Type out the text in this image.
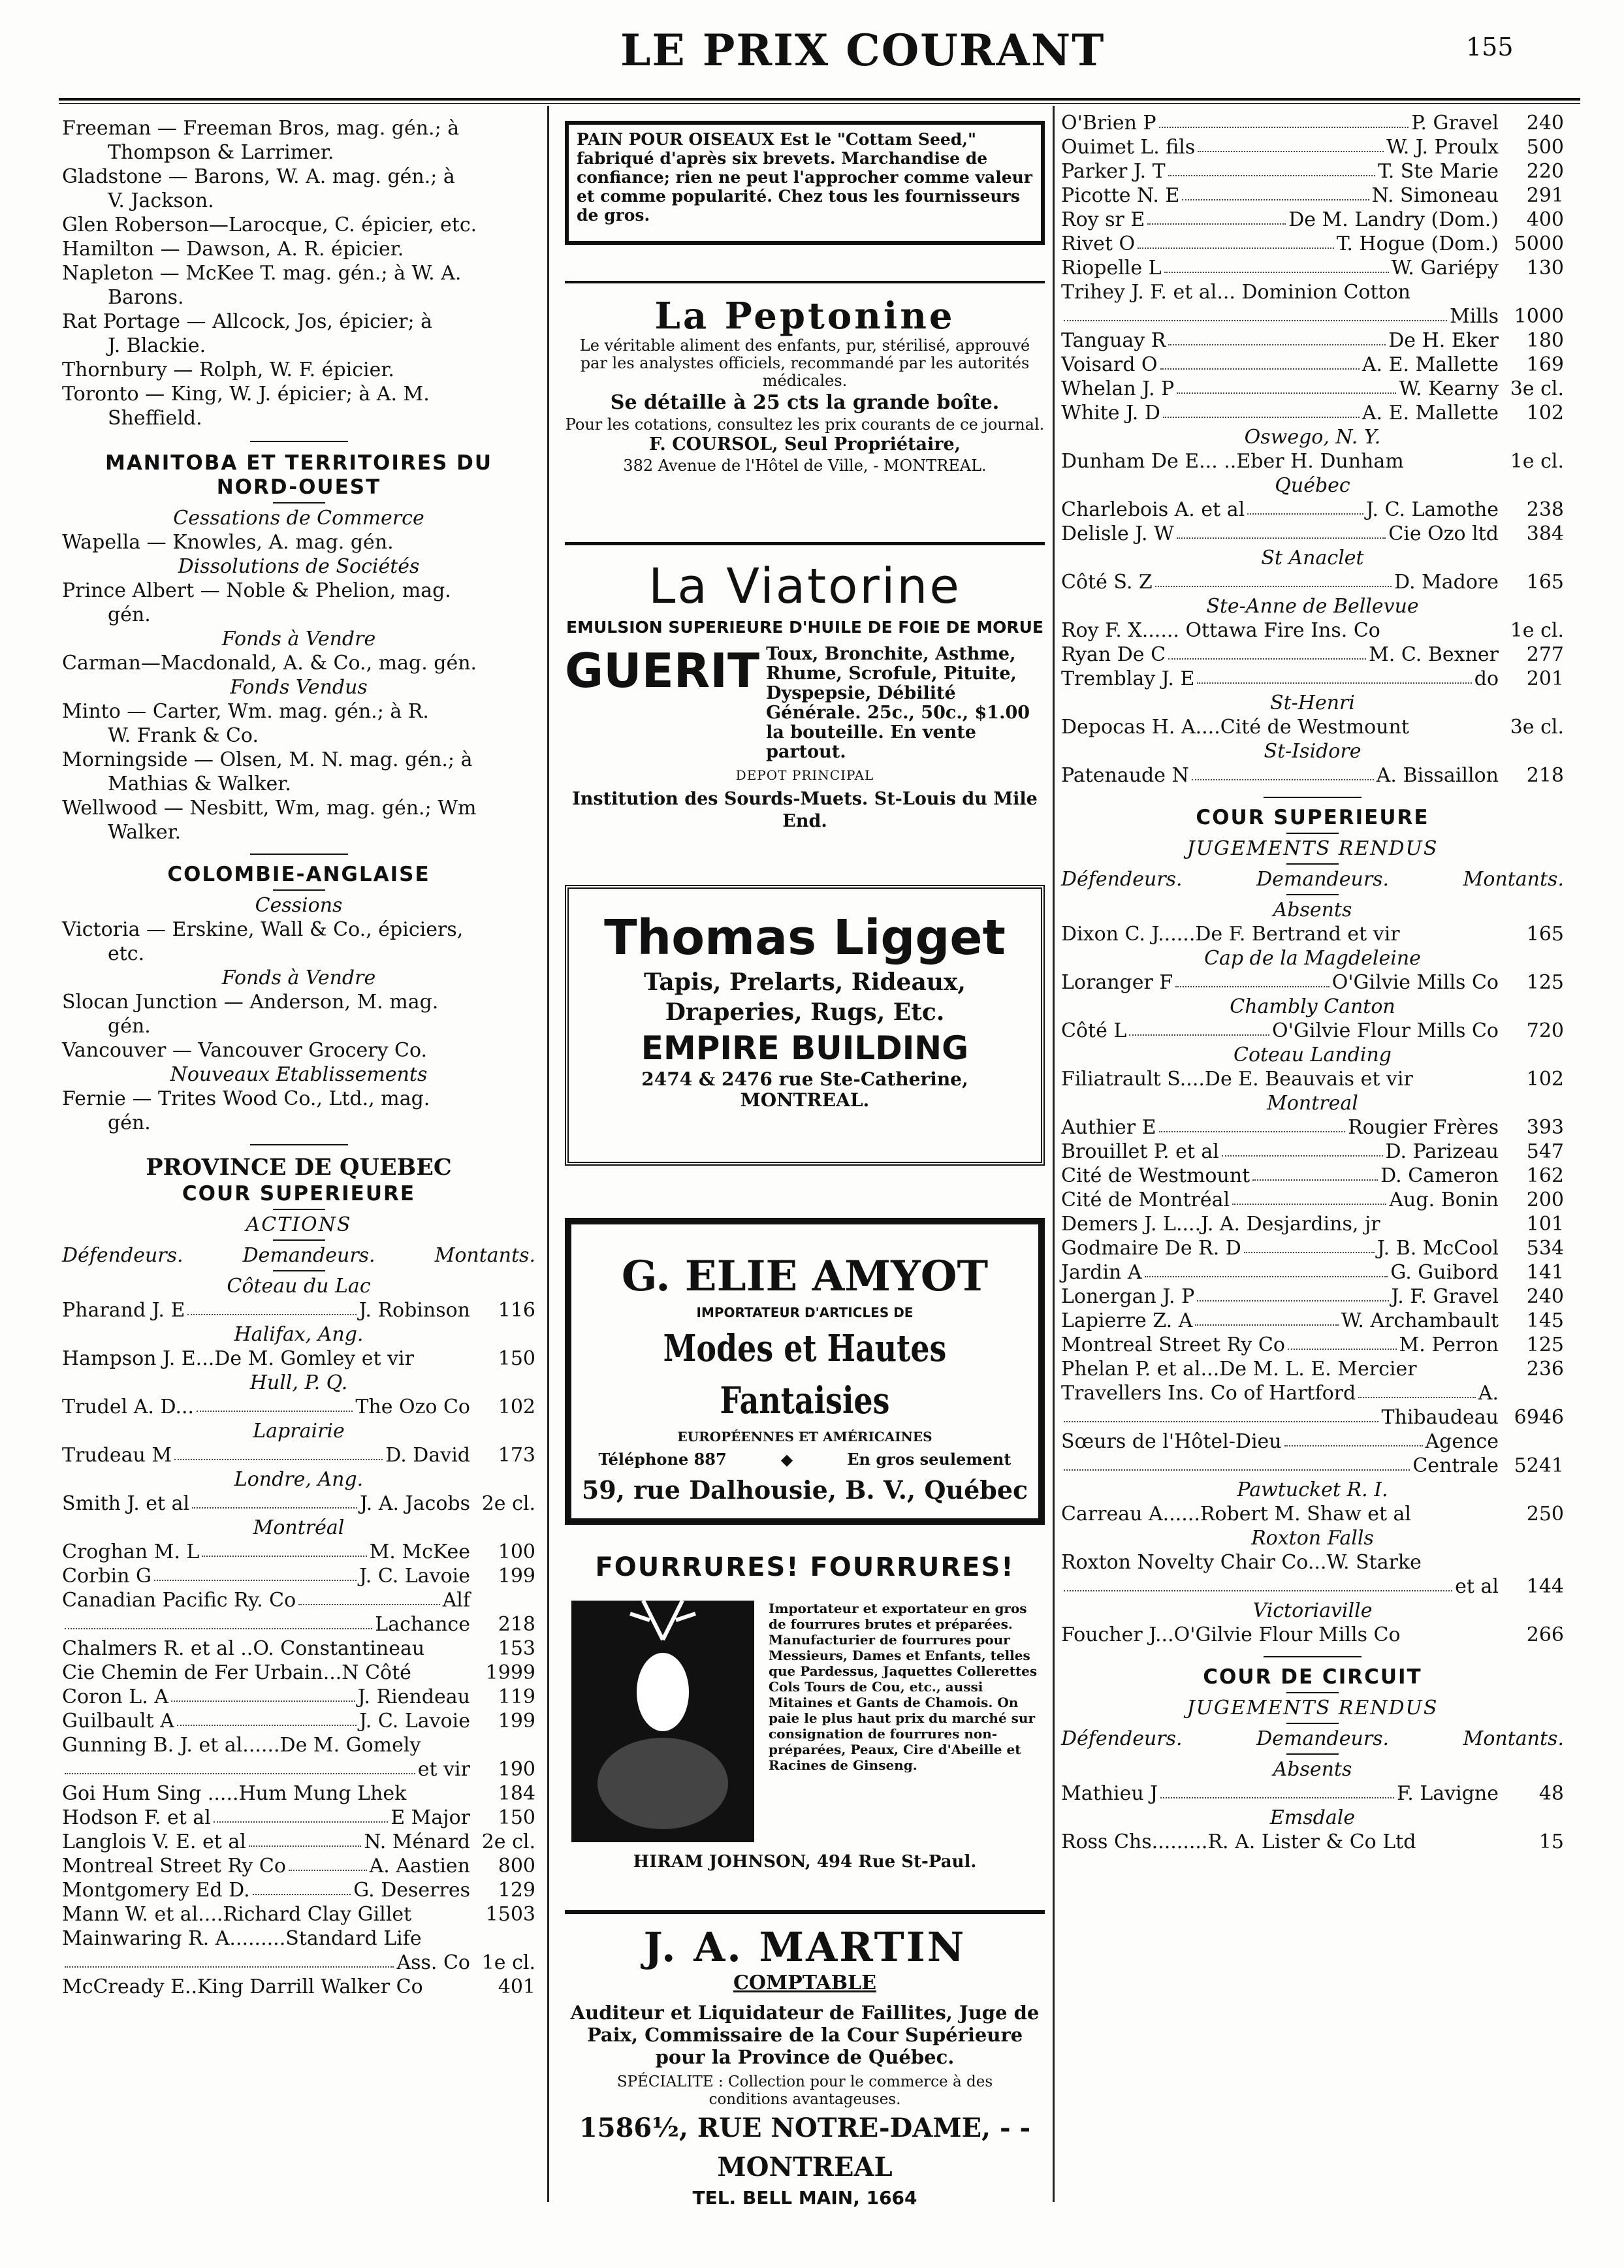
LE PRIX COURANT	155
Freeman — Freeman Bros, mag. gén.; à
Thompson & Larrimer.
Gladstone — Barons, W. A. mag. gén.; à
V. Jackson.
Glen Roberson—Larocque, C. épicier, etc.
Hamilton — Dawson, A. R. épicier.
Napleton — McKee T. mag. gén.; à W. A.
Barons.
Rat Portage — Allcock, Jos, épicier; à
J. Blackie.
Thornbury — Rolph, W. F. épicier.
Toronto — King, W. J. épicier; à A. M.
Sheffield.
MANITOBA ET TERRITOIRES DU
NORD-OUEST
Cessations de Commerce
Wapella — Knowles, A. mag. gén.
Dissolutions de Sociétés
Prince Albert — Noble & Phelion, mag.
gén.
Fonds à Vendre
Carman—Macdonald, A. & Co., mag. gén.
Fonds Vendus
Minto — Carter, Wm. mag. gén.; à R.
W. Frank & Co.
Morningside — Olsen, M. N. mag. gén.; à
Mathias & Walker.
Wellwood — Nesbitt, Wm, mag. gén.; Wm
Walker.
COLOMBIE-ANGLAISE
Cessions
Victoria — Erskine, Wall & Co., épiciers,
etc.
Fonds à Vendre
Slocan Junction — Anderson, M. mag.
gén.
Vancouver — Vancouver Grocery Co.
Nouveaux Etablissements
Fernie — Trites Wood Co., Ltd., mag.
gén.
PROVINCE DE QUEBEC
COUR SUPERIEURE
ACTIONS
Défendeurs.	Demandeurs.	Montants.
Côteau du Lac
Pharand J. E	J. Robinson	116
Halifax, Ang.
Hampson J. E...De M. Gomley et vir	150
Hull, P. Q.
Trudel A. D...	The Ozo Co	102
Laprairie
Trudeau M	D. David	173
Londre, Ang.
Smith J. et al	J. A. Jacobs 2e cl.
Montréal
Croghan M. L	M. McKee	100
Corbin G	J. C. Lavoie	199
Canadian Pacific Ry. Co	Alf
Lachance	218
Chalmers R. et al ..O. Constantineau	153
Cie Chemin de Fer Urbain...N Côté	1999
Coron L. A	J. Riendeau	119
Guilbault A	J. C. Lavoie	199
Gunning B. J. et al......De M. Gomely
et vir	190
Goi Hum Sing .....Hum Mung Lhek	184
Hodson F. et al	E Major	150
Langlois V. E. et al	N. Ménard 2e cl.
Montreal Street Ry Co	A. Aastien	800
Montgomery Ed D.	G. Deserres	129
Mann W. et al....Richard Clay Gillet	1503
Mainwaring R. A.........Standard Life
Ass. Co 1e cl.
McCready E..King Darrill Walker Co	401
PAIN POUR OISEAUX Est le "Cottam Seed," fabriqué d'après six brevets. Marchandise de confiance; rien ne peut l'approcher comme valeur et comme popularité. Chez tous les fournisseurs de gros.
La Peptonine
Le véritable aliment des enfants, pur, stérilisé, approuvé par les analystes officiels, recommandé par les autorités médicales.
Se détaille à 25 cts la grande boîte.
Pour les cotations, consultez les prix courants de ce journal.
F. COURSOL, Seul Propriétaire,
382 Avenue de l'Hôtel de Ville, - MONTREAL.
La Viatorine
EMULSION SUPERIEURE D'HUILE DE FOIE DE MORUE
GUERIT Toux, Bronchite, Asthme, Rhume, Scrofule, Pituite, Dyspepsie, Débilité Générale. 25c., 50c., $1.00 la bouteille. En vente partout.
DEPOT PRINCIPAL
Institution des Sourds-Muets. St-Louis du Mile End.
Thomas Ligget
Tapis, Prelarts, Rideaux,
Draperies, Rugs, Etc.
EMPIRE BUILDING
2474 & 2476 rue Ste-Catherine,
MONTREAL.
G. ELIE AMYOT
IMPORTATEUR D'ARTICLES DE
Modes et Hautes Fantaisies
EUROPÉENNES ET AMÉRICAINES
Téléphone 887	◆	En gros seulement
59, rue Dalhousie, B. V., Québec
FOURRURES! FOURRURES!
Importateur et exportateur en gros de fourrures brutes et préparées. Manufacturier de fourrures pour Messieurs, Dames et Enfants, telles que Pardessus, Jaquettes Collerettes Cols Tours de Cou, etc., aussi Mitaines et Gants de Chamois. On paie le plus haut prix du marché sur consignation de fourrures non-préparées, Peaux, Cire d'Abeille et Racines de Ginseng.
HIRAM JOHNSON, 494 Rue St-Paul.
J. A. MARTIN
COMPTABLE
Auditeur et Liquidateur de Faillites, Juge de Paix, Commissaire de la Cour Supérieure pour la Province de Québec.
SPÉCIALITE : Collection pour le commerce à des conditions avantageuses.
1586½, RUE NOTRE-DAME, - - MONTREAL
TEL. BELL MAIN, 1664
O'Brien P	P. Gravel	240
Ouimet L. fils	W. J. Proulx	500
Parker J. T	T. Ste Marie	220
Picotte N. E	N. Simoneau	291
Roy sr E	De M. Landry (Dom.)	400
Rivet O	T. Hogue (Dom.) 5000
Riopelle L	W. Gariépy	130
Trihey J. F. et al... Dominion Cotton
Mills 1000
Tanguay R	De H. Eker	180
Voisard O	A. E. Mallette	169
Whelan J. P	W. Kearny 3e cl.
White J. D	A. E. Mallette	102
Oswego, N. Y.
Dunham De E... ..Eber H. Dunham	1e cl.
Québec
Charlebois A. et al	J. C. Lamothe	238
Delisle J. W	Cie Ozo ltd	384
St Anaclet
Côté S. Z	D. Madore	165
Ste-Anne de Bellevue
Roy F. X...... Ottawa Fire Ins. Co	1e cl.
Ryan De C	M. C. Bexner	277
Tremblay J. E	do	201
St-Henri
Depocas H. A....Cité de Westmount	3e cl.
St-Isidore
Patenaude N	A. Bissaillon	218
COUR SUPERIEURE
JUGEMENTS RENDUS
Défendeurs.	Demandeurs.	Montants.
Absents
Dixon C. J......De F. Bertrand et vir	165
Cap de la Magdeleine
Loranger F	O'Gilvie Mills Co	125
Chambly Canton
Côté L	O'Gilvie Flour Mills Co	720
Coteau Landing
Filiatrault S....De E. Beauvais et vir	102
Montreal
Authier E	Rougier Frères	393
Brouillet P. et al	D. Parizeau	547
Cité de Westmount	D. Cameron	162
Cité de Montréal	Aug. Bonin	200
Demers J. L....J. A. Desjardins, jr	101
Godmaire De R. D	J. B. McCool	534
Jardin A	G. Guibord	141
Lonergan J. P	J. F. Gravel	240
Lapierre Z. A	W. Archambault	145
Montreal Street Ry Co	M. Perron	125
Phelan P. et al...De M. L. E. Mercier	236
Travellers Ins. Co of Hartford	A.
Thibaudeau 6946
Sœurs de l'Hôtel-Dieu	Agence
Centrale 5241
Pawtucket R. I.
Carreau A......Robert M. Shaw et al	250
Roxton Falls
Roxton Novelty Chair Co...W. Starke
et al	144
Victoriaville
Foucher J...O'Gilvie Flour Mills Co	266
COUR DE CIRCUIT
JUGEMENTS RENDUS
Défendeurs.	Demandeurs.	Montants.
Absents
Mathieu J	F. Lavigne	48
Emsdale
Ross Chs.........R. A. Lister & Co Ltd	15
